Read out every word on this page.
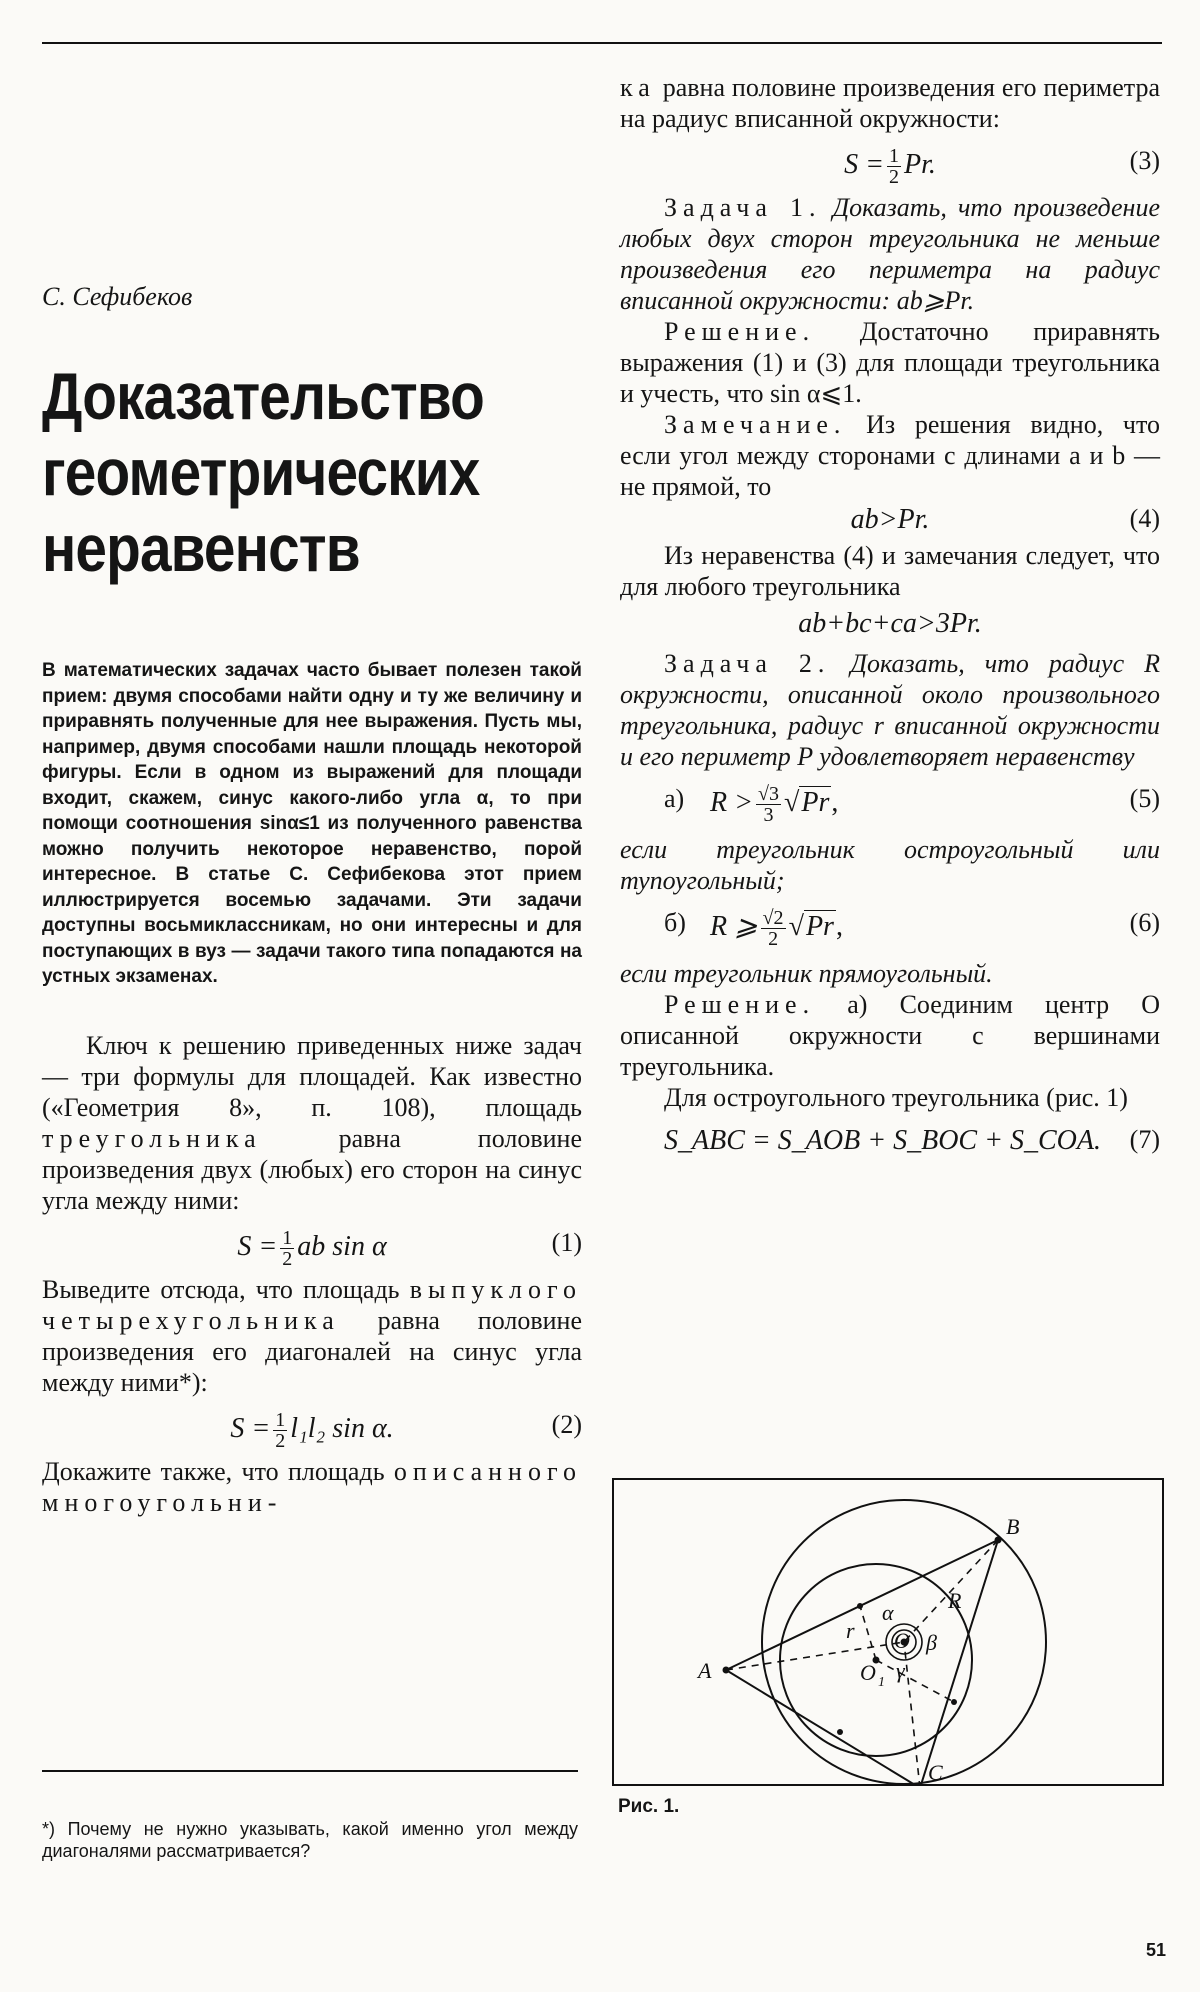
С. Сефибеков

Доказательство геометрических неравенств

В математических задачах часто бывает полезен такой прием: двумя способами найти одну и ту же величину и приравнять полученные для нее выражения. Пусть мы, например, двумя способами нашли площадь некоторой фигуры. Если в одном из выражений для площади входит, скажем, синус какого-либо угла α, то при помощи соотношения sinα≤1 из полученного равенства можно получить некоторое неравенство, порой интересное. В статье С. Сефибекова этот прием иллюстрируется восемью задачами. Эти задачи доступны восьмиклассникам, но они интересны и для поступающих в вуз — задачи такого типа попадаются на устных экзаменах.

Ключ к решению приведенных ниже задач — три формулы для площадей. Как известно («Геометрия 8», п. 108), площадь треугольника равна половине произведения двух (любых) его сторон на синус угла между ними:

$S = \frac{1}{2}$ ab sin α	(1)

Выведите отсюда, что площадь выпуклого четырехугольника равна половине произведения его диагоналей на синус угла между ними*):

$S = \frac{1}{2} l_1l_2$ sin α.	(2)

Докажите также, что площадь описанного многоугольни-

*) Почему не нужно указывать, какой именно угол между диагоналями рассматривается?

ка равна половине произведения его периметра на радиус вписанной окружности:

$S = \frac{1}{2} Pr$.	(3)

Задача 1. Доказать, что произведение любых двух сторон треугольника не меньше произведения его периметра на радиус вписанной окружности: ab⩾Pr.

Решение. Достаточно приравнять выражения (1) и (3) для площади треугольника и учесть, что sin α⩽1.

Замечание. Из решения видно, что если угол между сторонами с длинами a и b — не прямой, то

ab>Pr.	(4)

Из неравенства (4) и замечания следует, что для любого треугольника

ab+bc+ca>3Pr.

Задача 2. Доказать, что радиус R окружности, описанной около произвольного треугольника, радиус r вписанной окружности и его периметр P удовлетворяет неравенству

а) $R > \frac{√3}{3} √Pr$,	(5)

если треугольник остроугольный или тупоугольный;

б) R ⩾ $\frac{√2}{2} √Pr$,	(6)

если треугольник прямоугольный.

Решение. а) Соединим центр O описанной окружности с вершинами треугольника.

Для остроугольного треугольника (рис. 1)

S_ABC = S_AOB + S_BOC + S_COA.	(7)
A
B
C
R
r O
O 1
α
β
γ
Рис. 1.
51
